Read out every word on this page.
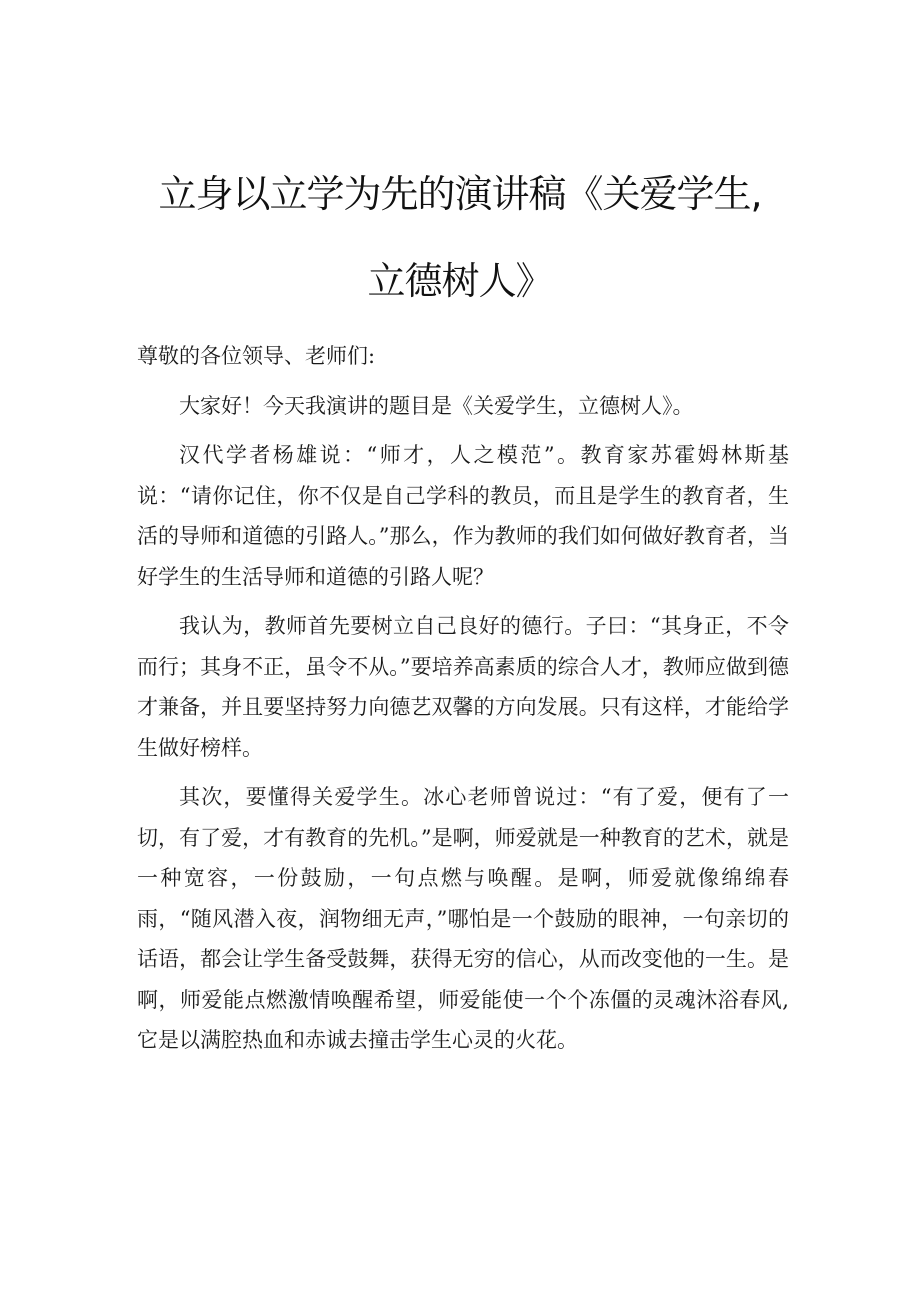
立身以立学为先的演讲稿《关爱学生,
立德树人》

尊敬的各位领导、老师们:

大家好！今天我演讲的题目是《关爱学生，立德树人》。

汉代学者杨雄说：“师才，人之模范”。教育家苏霍姆林斯基说：“请你记住，你不仅是自己学科的教员，而且是学生的教育者，生活的导师和道德的引路人。”那么，作为教师的我们如何做好教育者，当好学生的生活导师和道德的引路人呢？

我认为，教师首先要树立自己良好的德行。子曰：“其身正，不令而行；其身不正，虽令不从。”要培养高素质的综合人才，教师应做到德才兼备，并且要坚持努力向德艺双馨的方向发展。只有这样，才能给学生做好榜样。

其次，要懂得关爱学生。冰心老师曾说过：“有了爱，便有了一切，有了爱，才有教育的先机。”是啊，师爱就是一种教育的艺术，就是一种宽容，一份鼓励，一句点燃与唤醒。是啊，师爱就像绵绵春雨，“随风潜入夜，润物细无声，”哪怕是一个鼓励的眼神，一句亲切的话语，都会让学生备受鼓舞，获得无穷的信心，从而改变他的一生。是啊，师爱能点燃激情唤醒希望，师爱能使一个个冻僵的灵魂沐浴春风,它是以满腔热血和赤诚去撞击学生心灵的火花。
